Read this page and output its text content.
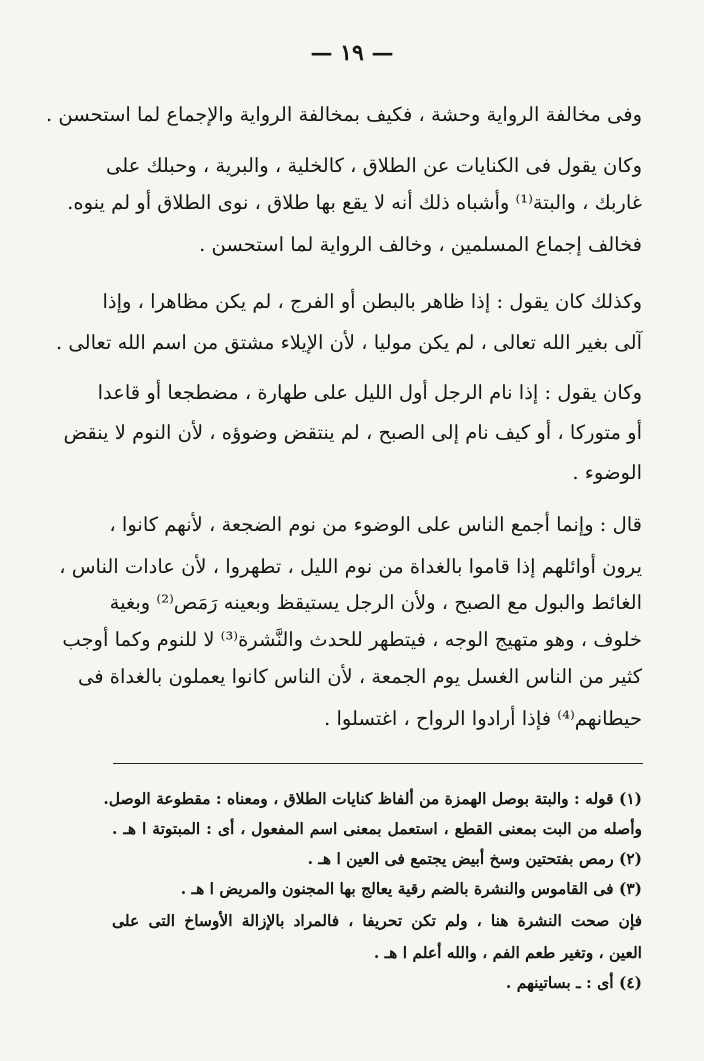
— ١٩ —
وفى مخالفة الرواية وحشة ، فكيف بمخالفة الرواية والإجماع لما استحسن .
وكان يقول فى الكنايات عن الطلاق ، كالخلية ، والبرية ، وحبلك على
غاربك ، والبتة⁽¹⁾ وأشباه ذلك أنه لا يقع بها طلاق ، نوى الطلاق أو لم ينوه.
فخالف إجماع المسلمين ، وخالف الرواية لما استحسن .
وكذلك كان يقول : إذا ظاهر بالبطن أو الفرج ، لم يكن مظاهرا ، وإذا
آلى بغير الله تعالى ، لم يكن موليا ، لأن الإيلاء مشتق من اسم الله تعالى .
وكان يقول : إذا نام الرجل أول الليل على طهارة ، مضطجعا أو قاعدا
أو متوركا ، أو كيف نام إلى الصبح ، لم ينتقض وضوؤه ، لأن النوم لا ينقض
الوضوء .
قال : وإنما أجمع الناس على الوضوء من نوم الضجعة ، لأنهم كانوا ،
يرون أوائلهم إذا قاموا بالغداة من نوم الليل ، تطهروا ، لأن عادات الناس ،
الغائط والبول مع الصبح ، ولأن الرجل يستيقظ وبعينه رَمَص⁽²⁾ وبغية
خلوف ، وهو متهيج الوجه ، فيتطهر للحدث والنَّشرة⁽³⁾ لا للنوم وكما أوجب
كثير من الناس الغسل يوم الجمعة ، لأن الناس كانوا يعملون بالغداة فى
حيطانهم⁽⁴⁾ فإذا أرادوا الرواح ، اغتسلوا .
(١) قوله : والبتة بوصل الهمزة من ألفاظ كنايات الطلاق ، ومعناه : مقطوعة الوصل.
وأصله من البت بمعنى القطع ، استعمل بمعنى اسم المفعول ، أى : المبتوتة ا هـ .
(٢) رمص بفتحتين وسخ أبيض يجتمع فى العين ا هـ .
(٣) فى القاموس والنشرة بالضم رقية يعالج بها المجنون والمريض ا هـ .
فإن صحت النشرة هنا ، ولم تكن تحريفا ، فالمراد بالإزالة الأوساخ التى على
العين ، وتغير طعم الفم ، والله أعلم ا هـ .
(٤) أى : ـ بساتينهم .
